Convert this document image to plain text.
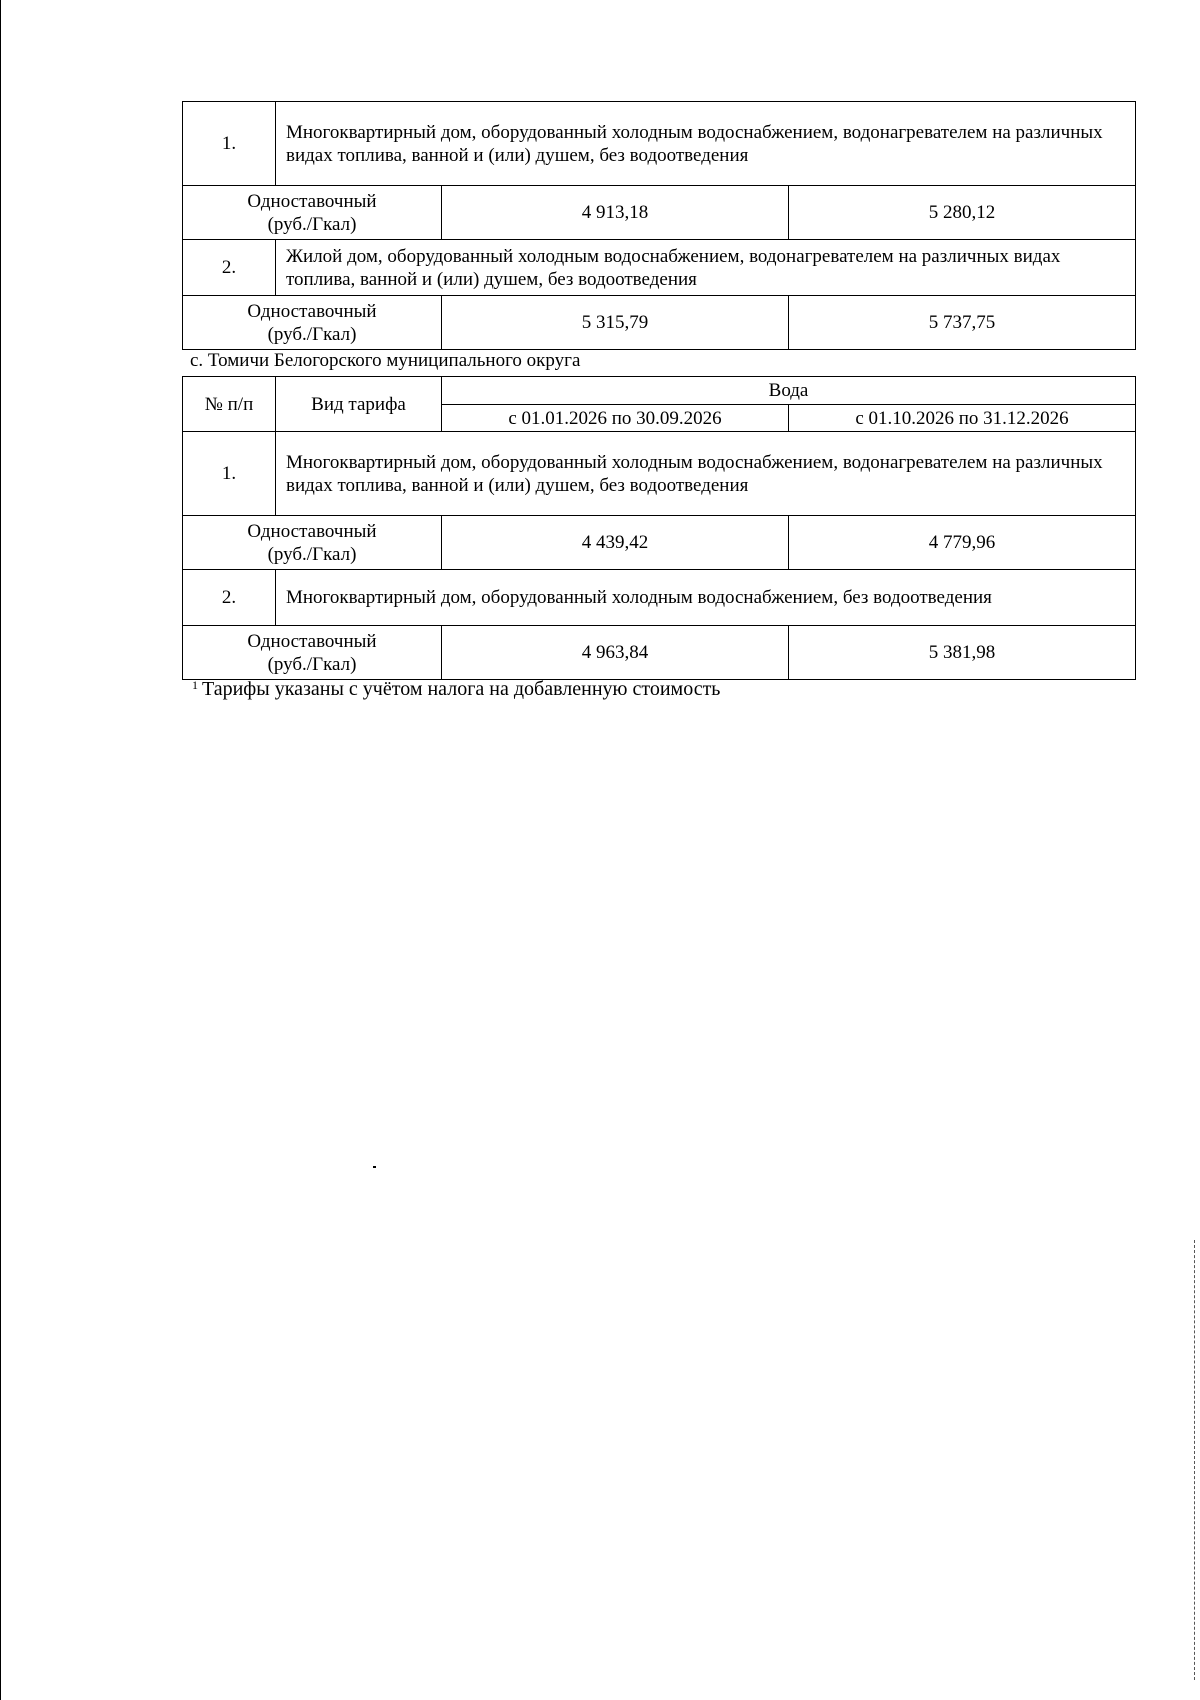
1.	Многоквартирный дом, оборудованный холодным водоснабжением, водонагревателем на различных видах топлива, ванной и (или) душем, без водоотведения		

Одноставочный
(руб./Гкал)		4 913,18	5 280,12
2.	Жилой дом, оборудованный холодным водоснабжением, водонагревателем на различных видах топлива, ванной и (или) душем, без водоотведения		

Одноставочный
(руб./Гкал)		5 315,79	5 737,75
с. Томичи Белогорского муниципального округа
№ п/п	Вид тарифа	Вода	
		с 01.01.2026 по 30.09.2026	с 01.10.2026 по 31.12.2026
1.	Многоквартирный дом, оборудованный холодным водоснабжением, водонагревателем на различных видах топлива, ванной и (или) душем, без водоотведения		

Одноставочный
(руб./Гкал)		4 439,42	4 779,96
2.	Многоквартирный дом, оборудованный холодным водоснабжением, без водоотведения		

Одноставочный
(руб./Гкал)		4 963,84	5 381,98
$^1$ Тарифы указаны с учётом налога на добавленную стоимость
